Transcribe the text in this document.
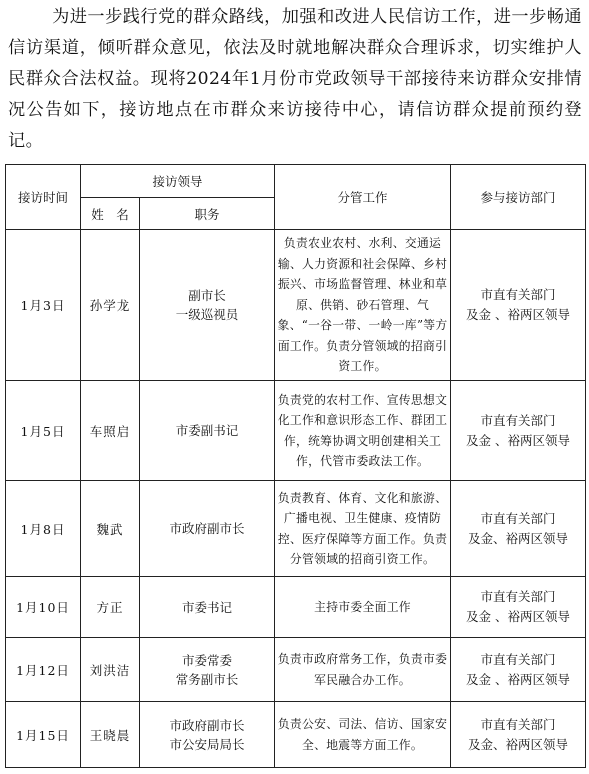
为进一步践行党的群众路线，加强和改进人民信访工作，进一步畅通信访渠道，倾听群众意见，依法及时就地解决群众合理诉求，切实维护人民群众合法权益。现将2024年1月份市党政领导干部接待来访群众安排情况公告如下，接访地点在市群众来访接待中心，请信访群众提前预约登记。

接访时间	接访领导		分管工作	参与接访部门
	姓　名	职务		
1月3日	孙学龙	副市长
一级巡视员	负责农业农村、水利、交通运输、人力资源和社会保障、乡村振兴、市场监督管理、林业和草原、供销、砂石管理、气象、“一谷一带、一岭一库”等方面工作。负责分管领域的招商引资工作。	市直有关部门
及金 、裕两区领导

1月5日	车照启	市委副书记	负责党的农村工作、宣传思想文化工作和意识形态工作、群团工作，统筹协调文明创建相关工作，代管市委政法工作。	市直有关部门
及金 、裕两区领导

1月8日	魏武	市政府副市长	负责教育、体育、文化和旅游、广播电视、卫生健康、疫情防控、医疗保障等方面工作。负责分管领域的招商引资工作。	市直有关部门
及金、裕两区领导

1月10日	方正	市委书记	主持市委全面工作	市直有关部门
及金 、裕两区领导

1月12日	刘洪洁	市委常委
常务副市长	负责市政府常务工作，负责市委军民融合办工作。	市直有关部门
及金 、裕两区领导

1月15日	王晓晨	市政府副市长
市公安局局长	负责公安、司法、信访、国家安全、地震等方面工作。	市直有关部门
及金、裕两区领导
